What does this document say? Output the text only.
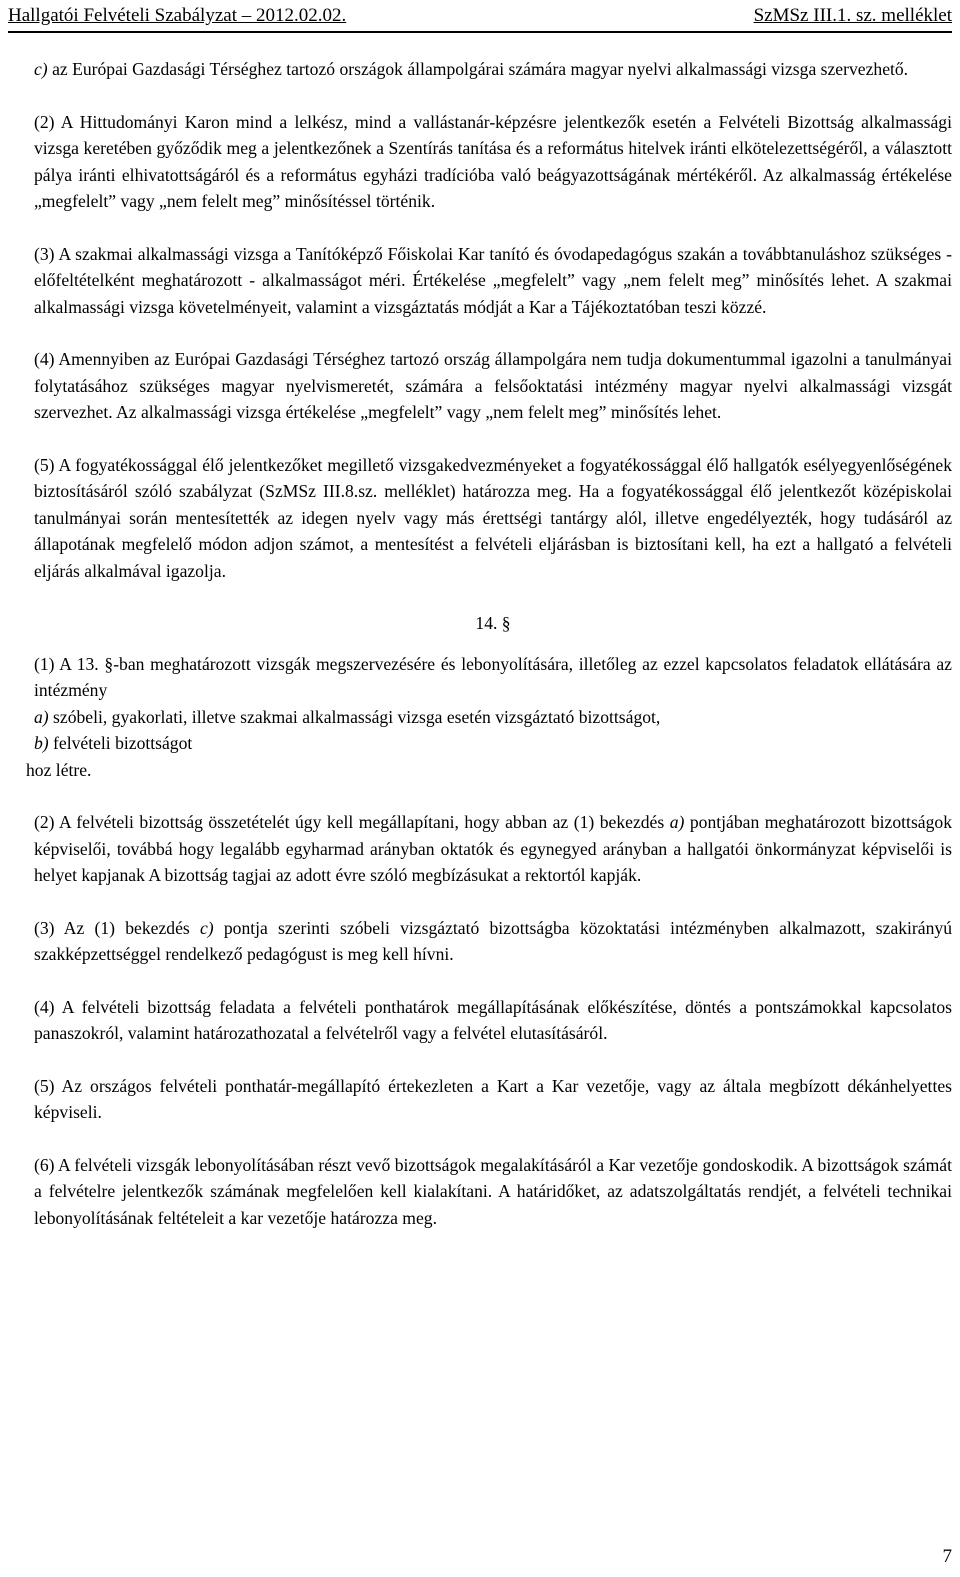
Hallgatói Felvételi Szabályzat – 2012.02.02.	SzMSz III.1. sz. melléklet

c) az Európai Gazdasági Térséghez tartozó országok állampolgárai számára magyar nyelvi alkalmassági vizsga szervezhető.

(2) A Hittudományi Karon mind a lelkész, mind a vallástanár-képzésre jelentkezők esetén a Felvételi Bizottság alkalmassági vizsga keretében győződik meg a jelentkezőnek a Szentírás tanítása és a református hitelvek iránti elkötelezettségéről, a választott pálya iránti elhivatottságáról és a református egyházi tradícióba való beágyazottságának mértékéről. Az alkalmasság értékelése „megfelelt” vagy „nem felelt meg” minősítéssel történik.

(3) A szakmai alkalmassági vizsga a Tanítóképző Főiskolai Kar tanító és óvodapedagógus szakán a továbbtanuláshoz szükséges - előfeltételként meghatározott - alkalmasságot méri. Értékelése „megfelelt” vagy „nem felelt meg” minősítés lehet. A szakmai alkalmassági vizsga követelményeit, valamint a vizsgáztatás módját a Kar a Tájékoztatóban teszi közzé.

(4) Amennyiben az Európai Gazdasági Térséghez tartozó ország állampolgára nem tudja dokumentummal igazolni a tanulmányai folytatásához szükséges magyar nyelvismeretét, számára a felsőoktatási intézmény magyar nyelvi alkalmassági vizsgát szervezhet. Az alkalmassági vizsga értékelése „megfelelt” vagy „nem felelt meg” minősítés lehet.

(5) A fogyatékossággal élő jelentkezőket megillető vizsgakedvezményeket a fogyatékossággal élő hallgatók esélyegyenlőségének biztosításáról szóló szabályzat (SzMSz III.8.sz. melléklet) határozza meg. Ha a fogyatékossággal élő jelentkezőt középiskolai tanulmányai során mentesítették az idegen nyelv vagy más érettségi tantárgy alól, illetve engedélyezték, hogy tudásáról az állapotának megfelelő módon adjon számot, a mentesítést a felvételi eljárásban is biztosítani kell, ha ezt a hallgató a felvételi eljárás alkalmával igazolja.

14. §

(1) A 13. §-ban meghatározott vizsgák megszervezésére és lebonyolítására, illetőleg az ezzel kapcsolatos feladatok ellátására az intézmény
a) szóbeli, gyakorlati, illetve szakmai alkalmassági vizsga esetén vizsgáztató bizottságot,
b) felvételi bizottságot
hoz létre.

(2) A felvételi bizottság összetételét úgy kell megállapítani, hogy abban az (1) bekezdés a) pontjában meghatározott bizottságok képviselői, továbbá hogy legalább egyharmad arányban oktatók és egynegyed arányban a hallgatói önkormányzat képviselői is helyet kapjanak A bizottság tagjai az adott évre szóló megbízásukat a rektortól kapják.

(3) Az (1) bekezdés c) pontja szerinti szóbeli vizsgáztató bizottságba közoktatási intézményben alkalmazott, szakirányú szakképzettséggel rendelkező pedagógust is meg kell hívni.

(4) A felvételi bizottság feladata a felvételi ponthatárok megállapításának előkészítése, döntés a pontszámokkal kapcsolatos panaszokról, valamint határozathozatal a felvételről vagy a felvétel elutasításáról.

(5) Az országos felvételi ponthatár-megállapító értekezleten a Kart a Kar vezetője, vagy az általa megbízott dékánhelyettes képviseli.

(6) A felvételi vizsgák lebonyolításában részt vevő bizottságok megalakításáról a Kar vezetője gondoskodik. A bizottságok számát a felvételre jelentkezők számának megfelelően kell kialakítani. A határidőket, az adatszolgáltatás rendjét, a felvételi technikai lebonyolításának feltételeit a kar vezetője határozza meg.

7
